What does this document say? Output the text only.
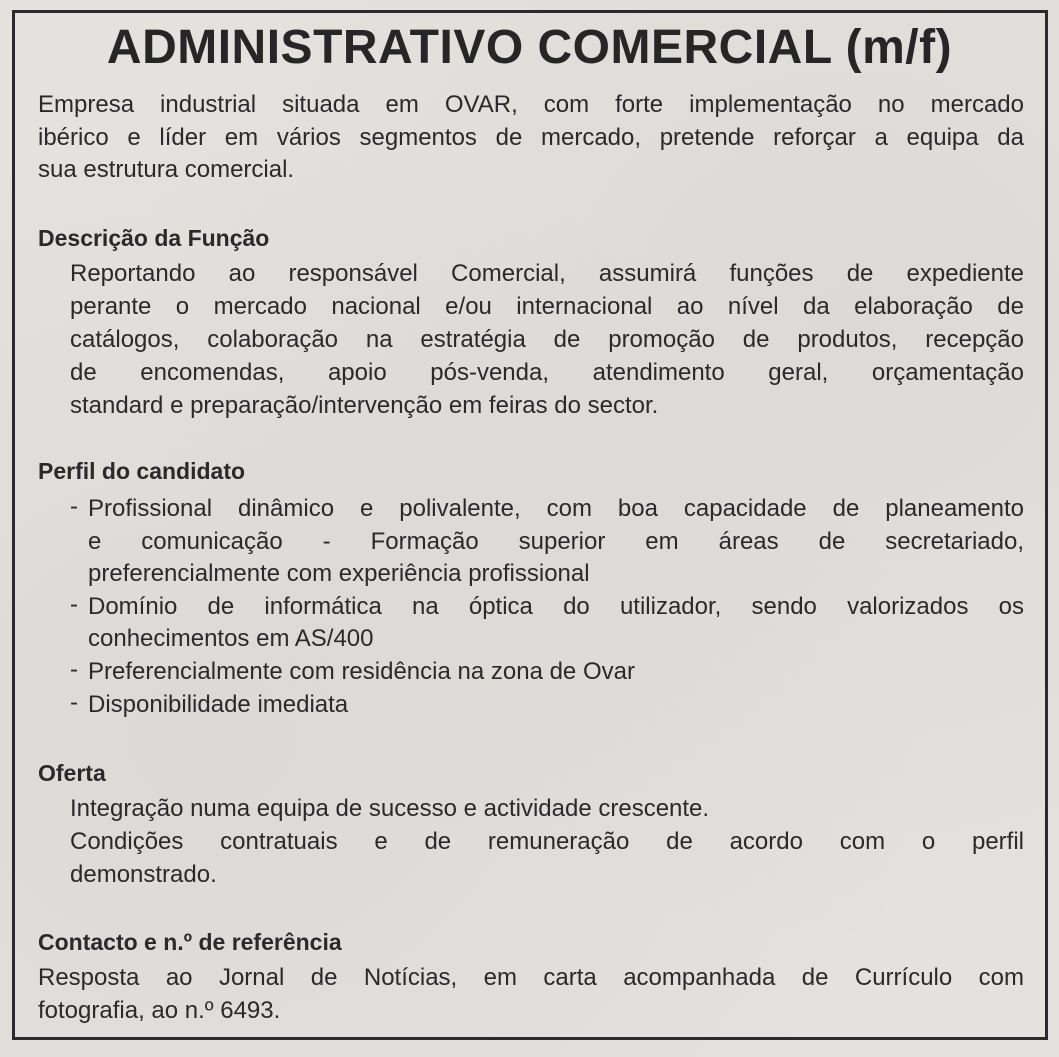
ADMINISTRATIVO COMERCIAL (m/f)
Empresa industrial situada em OVAR, com forte implementação no mercado
ibérico e líder em vários segmentos de mercado, pretende reforçar a equipa da
sua estrutura comercial.
Descrição da Função
Reportando ao responsável Comercial, assumirá funções de expediente
perante o mercado nacional e/ou internacional ao nível da elaboração de
catálogos, colaboração na estratégia de promoção de produtos, recepção
de encomendas, apoio pós-venda, atendimento geral, orçamentação
standard e preparação/intervenção em feiras do sector.
Perfil do candidato
- Profissional dinâmico e polivalente, com boa capacidade de planeamento
e comunicação - Formação superior em áreas de secretariado,
preferencialmente com experiência profissional
- Domínio de informática na óptica do utilizador, sendo valorizados os
conhecimentos em AS/400
- Preferencialmente com residência na zona de Ovar
- Disponibilidade imediata
Oferta
Integração numa equipa de sucesso e actividade crescente.
Condições contratuais e de remuneração de acordo com o perfil
demonstrado.
Contacto e n.º de referência
Resposta ao Jornal de Notícias, em carta acompanhada de Currículo com
fotografia, ao n.º 6493.
